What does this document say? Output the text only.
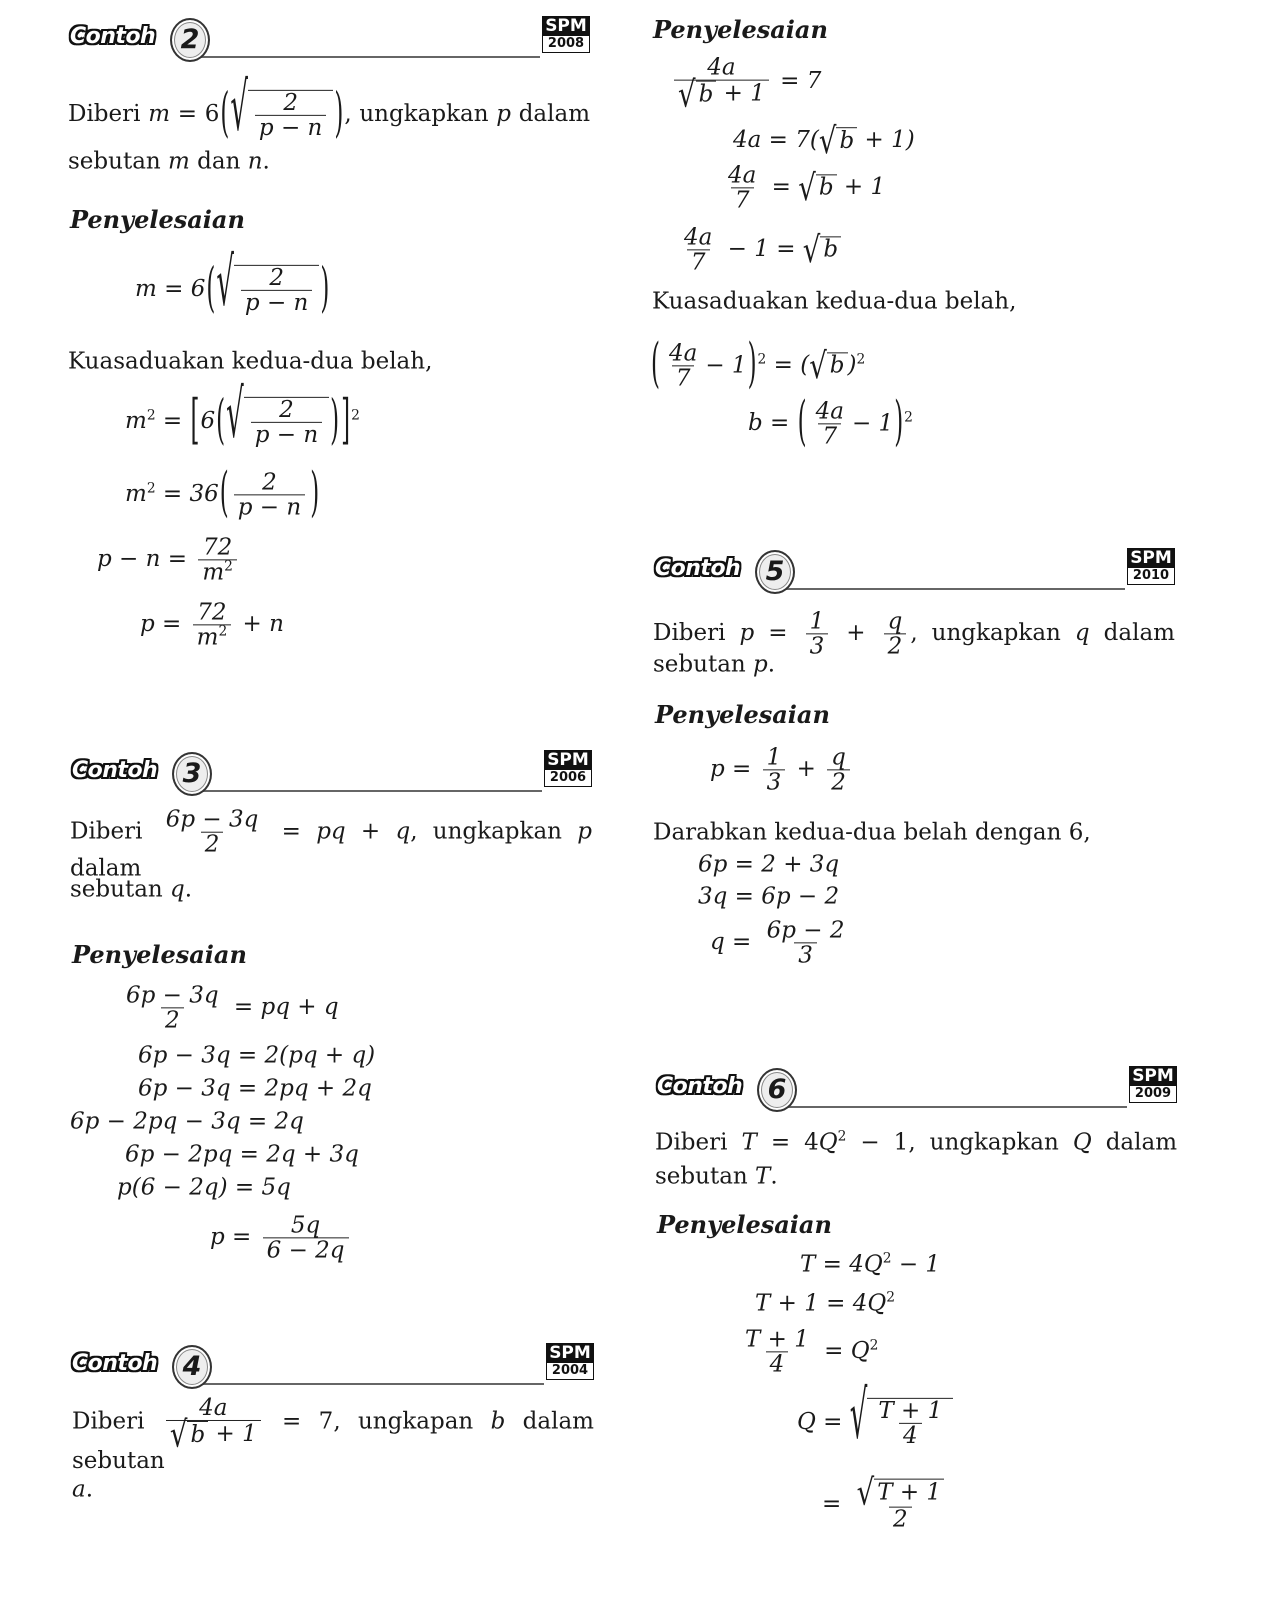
Diberi m = 6 ( √ $\frac{2}{p - n}$ ) , ungkapkan p dalam
sebutan m dan n.
Penyelesaian
m = 6 ( √ $\frac{2}{p - n}$ )
Kuasaduakan kedua-dua belah,
$m^2$ = [ 6 ( √ $\frac{2}{p - n}$ ) ] $^2$
$m^2 = 36$ ( $\frac{2}{p - n}$ )
$p - n = \frac{72}{m^2}$
$p = \frac{72}{m^2} + n$
Diberi $\frac{6p - 3q}{2}$ = pq + q, ungkapkan p dalam
sebutan q.
Penyelesaian
$\frac{6p - 3q}{2}$ = pq + q
6p − 3q = 2(pq + q)
6p − 3q = 2pq + 2q
6p − 2pq − 3q = 2q
6p − 2pq = 2q + 3q
p(6 − 2q) = 5q
$p = \frac{5q}{6 - 2q}$
Diberi $\frac{4a}{√ b + 1} = 7$, ungkapan b dalam sebutan
a.
Penyelesaian
$\frac{4a}{√ b + 1} = 7$
4a = 7( √ b + 1)
$\frac{4a}{7}$ = √ b + 1
$\frac{4a}{7} - 1$ = √ b
Kuasaduakan kedua-dua belah,
( $\frac{4a}{7} - 1$ ) $^2$ = ( √ b )$^2$
b = ( $\frac{4a}{7} - 1$ ) $^2$
Diberi $p = \frac{1}{3} + \frac{q}{2}$ , ungkapkan q dalam
sebutan p.
Penyelesaian
$p = \frac{1}{3} + \frac{q}{2}$
Darabkan kedua-dua belah dengan 6,
6p = 2 + 3q
3q = 6p − 2
$q = \frac{6p - 2}{3}$
Diberi $T = 4Q^2 - 1$, ungkapkan Q dalam
sebutan T.
Penyelesaian
$T = 4Q^2 - 1$
$T + 1 = 4Q^2$
$\frac{T + 1}{4} = Q^2$
Q = √ $\frac{T + 1}{4}$
= $\frac{√ T + 1}{2}$
Contoh 2	SPM
2008
Contoh 3	SPM
2006
Contoh 4	SPM
2004
Contoh 5	SPM
2010
Contoh 6	SPM
2009
